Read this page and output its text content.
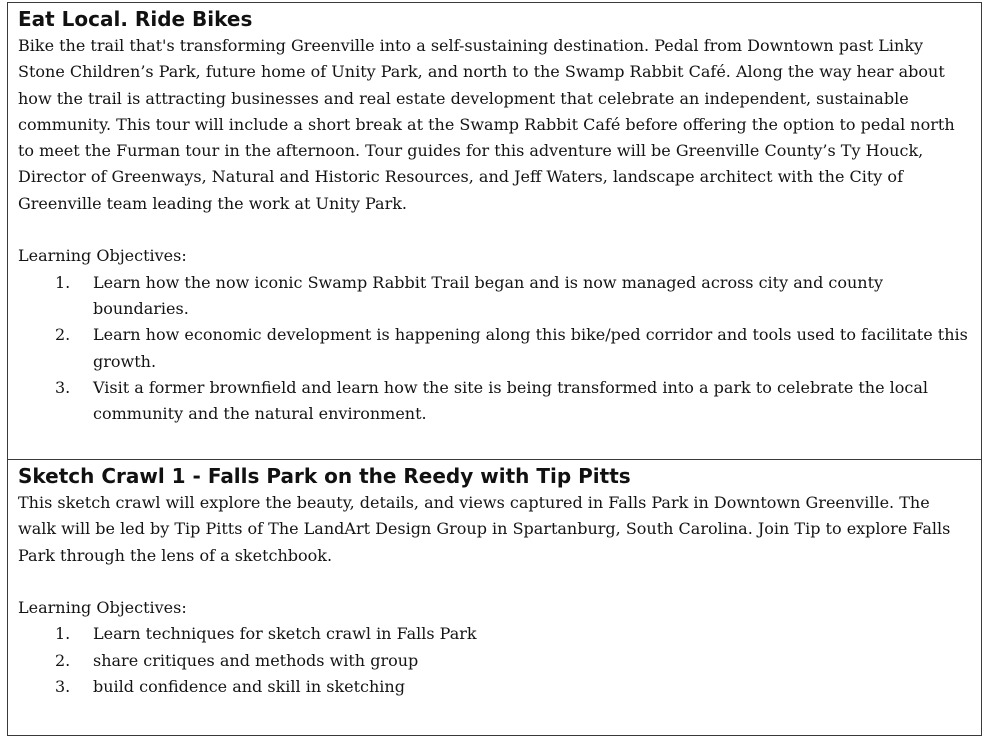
Eat Local. Ride Bikes

Bike the trail that's transforming Greenville into a self-sustaining destination. Pedal from Downtown past Linky Stone Children’s Park, future home of Unity Park, and north to the Swamp Rabbit Café. Along the way hear about how the trail is attracting businesses and real estate development that celebrate an independent, sustainable community. This tour will include a short break at the Swamp Rabbit Café before offering the option to pedal north to meet the Furman tour in the afternoon. Tour guides for this adventure will be Greenville County’s Ty Houck, Director of Greenways, Natural and Historic Resources, and Jeff Waters, landscape architect with the City of Greenville team leading the work at Unity Park.

Learning Objectives:

1. Learn how the now iconic Swamp Rabbit Trail began and is now managed across city and county boundaries.
2. Learn how economic development is happening along this bike/ped corridor and tools used to facilitate this growth.
3. Visit a former brownfield and learn how the site is being transformed into a park to celebrate the local community and the natural environment.
Sketch Crawl 1 - Falls Park on the Reedy with Tip Pitts

This sketch crawl will explore the beauty, details, and views captured in Falls Park in Downtown Greenville. The walk will be led by Tip Pitts of The LandArt Design Group in Spartanburg, South Carolina. Join Tip to explore Falls Park through the lens of a sketchbook.

Learning Objectives:

1. Learn techniques for sketch crawl in Falls Park
2. share critiques and methods with group
3. build confidence and skill in sketching
